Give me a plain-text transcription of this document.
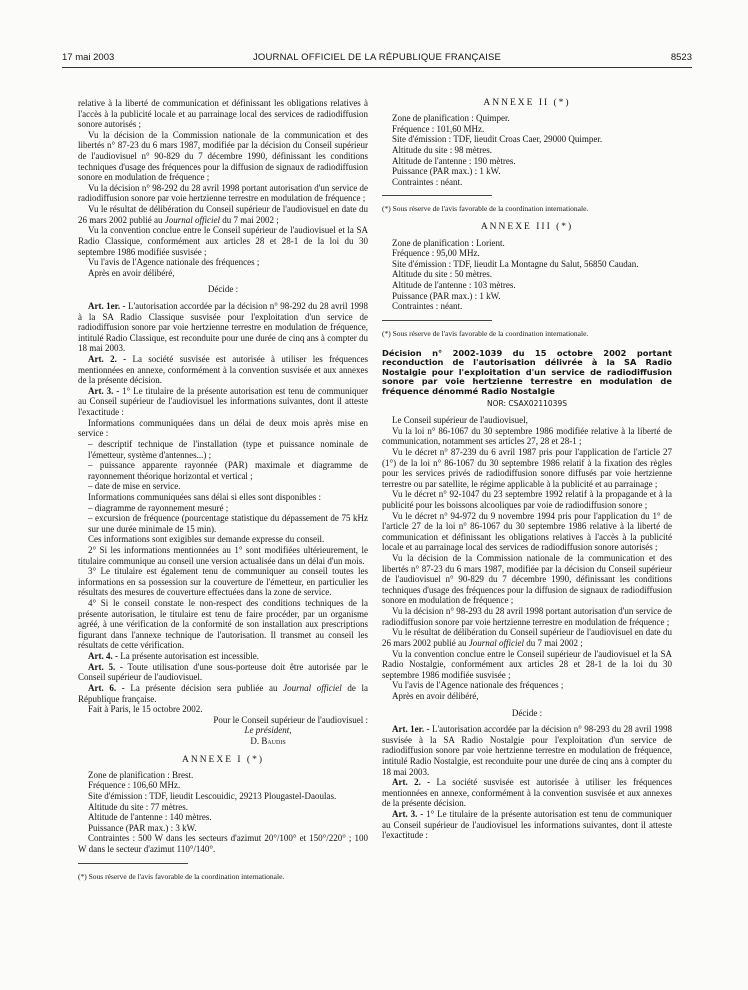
17 mai 2003	JOURNAL OFFICIEL DE LA RÉPUBLIQUE FRANÇAISE	8523

relative à la liberté de communication et définissant les obligations relatives à l'accès à la publicité locale et au parrainage local des services de radiodiffusion sonore autorisés ;

Vu la décision de la Commission nationale de la communication et des libertés n° 87-23 du 6 mars 1987, modifiée par la décision du Conseil supérieur de l'audiovisuel n° 90-829 du 7 décembre 1990, définissant les conditions techniques d'usage des fréquences pour la diffusion de signaux de radiodiffusion sonore en modulation de fréquence ;

Vu la décision n° 98-292 du 28 avril 1998 portant autorisation d'un service de radiodiffusion sonore par voie hertzienne terrestre en modulation de fréquence ;

Vu le résultat de délibération du Conseil supérieur de l'audiovisuel en date du 26 mars 2002 publié au Journal officiel du 7 mai 2002 ;

Vu la convention conclue entre le Conseil supérieur de l'audiovisuel et la SA Radio Classique, conformément aux articles 28 et 28-1 de la loi du 30 septembre 1986 modifiée susvisée ;

Vu l'avis de l'Agence nationale des fréquences ;

Après en avoir délibéré,

Décide :

Art. 1er. - L'autorisation accordée par la décision n° 98-292 du 28 avril 1998 à la SA Radio Classique susvisée pour l'exploitation d'un service de radiodiffusion sonore par voie hertzienne terrestre en modulation de fréquence, intitulé Radio Classique, est reconduite pour une durée de cinq ans à compter du 18 mai 2003.

Art. 2. - La société susvisée est autorisée à utiliser les fréquences mentionnées en annexe, conformément à la convention susvisée et aux annexes de la présente décision.

Art. 3. - 1° Le titulaire de la présente autorisation est tenu de communiquer au Conseil supérieur de l'audiovisuel les informations suivantes, dont il atteste l'exactitude :

Informations communiquées dans un délai de deux mois après mise en service :

– descriptif technique de l'installation (type et puissance nominale de l'émetteur, système d'antennes...) ;

– puissance apparente rayonnée (PAR) maximale et diagramme de rayonnement théorique horizontal et vertical ;

– date de mise en service.

Informations communiquées sans délai si elles sont disponibles :

– diagramme de rayonnement mesuré ;

– excursion de fréquence (pourcentage statistique du dépassement de 75 kHz sur une durée minimale de 15 min).

Ces informations sont exigibles sur demande expresse du conseil.

2° Si les informations mentionnées au 1° sont modifiées ultérieurement, le titulaire communique au conseil une version actualisée dans un délai d'un mois.

3° Le titulaire est également tenu de communiquer au conseil toutes les informations en sa possession sur la couverture de l'émetteur, en particulier les résultats des mesures de couverture effectuées dans la zone de service.

4° Si le conseil constate le non-respect des conditions techniques de la présente autorisation, le titulaire est tenu de faire procéder, par un organisme agréé, à une vérification de la conformité de son installation aux prescriptions figurant dans l'annexe technique de l'autorisation. Il transmet au conseil les résultats de cette vérification.

Art. 4. - La présente autorisation est incessible.

Art. 5. - Toute utilisation d'une sous-porteuse doit être autorisée par le Conseil supérieur de l'audiovisuel.

Art. 6. - La présente décision sera publiée au Journal officiel de la République française.

Fait à Paris, le 15 octobre 2002.

Pour le Conseil supérieur de l'audiovisuel :

Le président,

D. Baudis

ANNEXE I (*)

Zone de planification : Brest.

Fréquence : 106,60 MHz.

Site d'émission : TDF, lieudit Lescouidic, 29213 Plougastel-Daoulas.

Altitude du site : 77 mètres.

Altitude de l'antenne : 140 mètres.

Puissance (PAR max.) : 3 kW.

Contraintes : 500 W dans les secteurs d'azimut 20°/100° et 150°/220° ; 100 W dans le secteur d'azimut 110°/140°.

(*) Sous réserve de l'avis favorable de la coordination internationale.

ANNEXE II (*)

Zone de planification : Quimper.

Fréquence : 101,60 MHz.

Site d'émission : TDF, lieudit Croas Caer, 29000 Quimper.

Altitude du site : 98 mètres.

Altitude de l'antenne : 190 mètres.

Puissance (PAR max.) : 1 kW.

Contraintes : néant.

(*) Sous réserve de l'avis favorable de la coordination internationale.

ANNEXE III (*)

Zone de planification : Lorient.

Fréquence : 95,00 MHz.

Site d'émission : TDF, lieudit La Montagne du Salut, 56850 Caudan.

Altitude du site : 50 mètres.

Altitude de l'antenne : 103 mètres.

Puissance (PAR max.) : 1 kW.

Contraintes : néant.

(*) Sous réserve de l'avis favorable de la coordination internationale.

Décision n° 2002-1039 du 15 octobre 2002 portant reconduction de l'autorisation délivrée à la SA Radio Nostalgie pour l'exploitation d'un service de radiodiffusion sonore par voie hertzienne terrestre en modulation de fréquence dénommé Radio Nostalgie

NOR: CSAX0211039S

Le Conseil supérieur de l'audiovisuel,

Vu la loi n° 86-1067 du 30 septembre 1986 modifiée relative à la liberté de communication, notamment ses articles 27, 28 et 28-1 ;

Vu le décret n° 87-239 du 6 avril 1987 pris pour l'application de l'article 27 (1°) de la loi n° 86-1067 du 30 septembre 1986 relatif à la fixation des règles pour les services privés de radiodiffusion sonore diffusés par voie hertzienne terrestre ou par satellite, le régime applicable à la publicité et au parrainage ;

Vu le décret n° 92-1047 du 23 septembre 1992 relatif à la propagande et à la publicité pour les boissons alcooliques par voie de radiodiffusion sonore ;

Vu le décret n° 94-972 du 9 novembre 1994 pris pour l'application du 1° de l'article 27 de la loi n° 86-1067 du 30 septembre 1986 relative à la liberté de communication et définissant les obligations relatives à l'accès à la publicité locale et au parrainage local des services de radiodiffusion sonore autorisés ;

Vu la décision de la Commission nationale de la communication et des libertés n° 87-23 du 6 mars 1987, modifiée par la décision du Conseil supérieur de l'audiovisuel n° 90-829 du 7 décembre 1990, définissant les conditions techniques d'usage des fréquences pour la diffusion de signaux de radiodiffusion sonore en modulation de fréquence ;

Vu la décision n° 98-293 du 28 avril 1998 portant autorisation d'un service de radiodiffusion sonore par voie hertzienne terrestre en modulation de fréquence ;

Vu le résultat de délibération du Conseil supérieur de l'audiovisuel en date du 26 mars 2002 publié au Journal officiel du 7 mai 2002 ;

Vu la convention conclue entre le Conseil supérieur de l'audiovisuel et la SA Radio Nostalgie, conformément aux articles 28 et 28-1 de la loi du 30 septembre 1986 modifiée susvisée ;

Vu l'avis de l'Agence nationale des fréquences ;

Après en avoir délibéré,

Décide :

Art. 1er. - L'autorisation accordée par la décision n° 98-293 du 28 avril 1998 susvisée à la SA Radio Nostalgie pour l'exploitation d'un service de radiodiffusion sonore par voie hertzienne terrestre en modulation de fréquence, intitulé Radio Nostalgie, est reconduite pour une durée de cinq ans à compter du 18 mai 2003.

Art. 2. - La société susvisée est autorisée à utiliser les fréquences mentionnées en annexe, conformément à la convention susvisée et aux annexes de la présente décision.

Art. 3. - 1° Le titulaire de la présente autorisation est tenu de communiquer au Conseil supérieur de l'audiovisuel les informations suivantes, dont il atteste l'exactitude :
